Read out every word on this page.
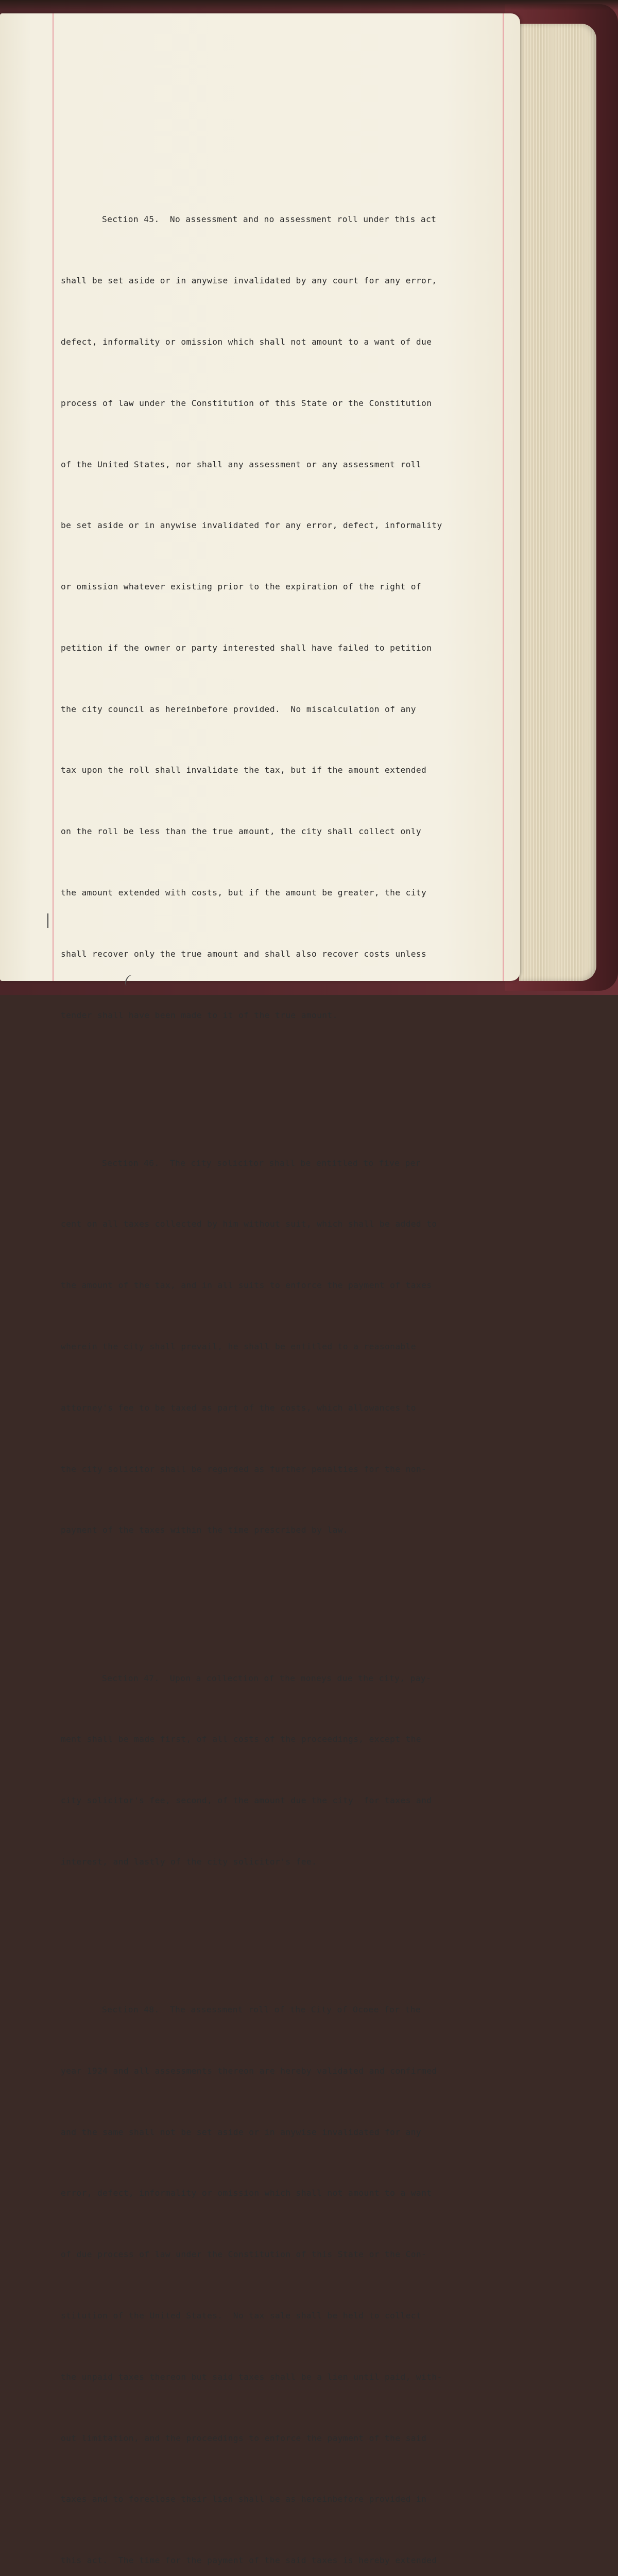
Section 45.  No assessment and no assessment roll under this act

shall be set aside or in anywise invalidated by any court for any error,

defect, informality or omission which shall not amount to a want of due

process of law under the Constitution of this State or the Constitution

of the United States, nor shall any assessment or any assessment roll

be set aside or in anywise invalidated for any error, defect, informality

or omission whatever existing prior to the expiration of the right of

petition if the owner or party interested shall have failed to petition

the city council as hereinbefore provided.  No miscalculation of any

tax upon the roll shall invalidate the tax, but if the amount extended

on the roll be less than the true amount, the city shall collect only

the amount extended with costs, but if the amount be greater, the city

shall recover only the true amount and shall also recover costs unless

tender shall have been made to it of the true amount.

Section 46.  The city solicitor shall be entitled to five per

cent on all taxes collected by him without suit, which shall be added to

the amount of the tax, and in all suits to enforce the payment of taxes

wherein the city shall prevail, he shall be entitled to a reasonable

attorney's fee to be taxed as part of the costs, which allowances to

the city solicitor shall be regarded as further penalties for the non-

payment of the taxes within the time prescribed by law.

Section 47.  Upon a collection of the moneys due the city, pay-

ment shall be made first, of all costs of the proceedings, except the

city solicitor's fee, second, of the amount due the city  for taxes and

interest, and lastly of the city solicitor's fee.

Section 48.  The assessment roll of the City of Ocoee for the

year 1924 and all assessments thereon are hereby validated and confirmed

and the same shall not be set aside or in anywise invalidated for any

error, defect, informality or omission which shall not amount to a want

of due process of law under the Constitution of this State or the Con-

stitution of the United States.  No tax sale shall be held to collect

the unpaid taxes thereon but said taxes shall be a lien until paid, with-

out limitation, and the proceedings to enforce the payment of the said

taxes and to foreclose their lien shall be as hereinbefore provided in

this act.  The time for the payment of the said taxes is hereby extended
